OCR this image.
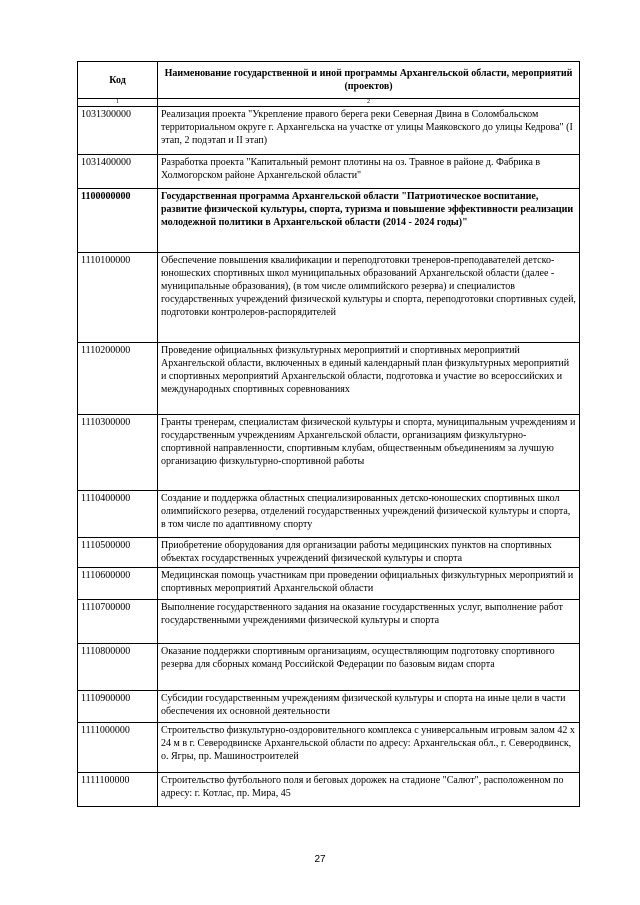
Код	Наименование государственной и иной программы Архангельской области, мероприятий (проектов)
1	2
1031300000	Реализация проекта "Укрепление правого берега реки Северная Двина в Соломбальском территориальном округе г. Архангельска на участке от улицы Маяковского до улицы Кедрова" (I этап, 2 подэтап и II этап)
1031400000	Разработка проекта "Капитальный ремонт плотины на оз. Травное в районе д. Фабрика в Холмогорском районе Архангельской области"
1100000000	Государственная программа Архангельской области "Патриотическое воспитание, развитие физической культуры, спорта, туризма и повышение эффективности реализации молодежной политики в Архангельской области (2014 - 2024 годы)"
1110100000	Обеспечение повышения квалификации и переподготовки тренеров-преподавателей детско-юношеских спортивных школ муниципальных образований Архангельской области (далее - муниципальные образования), (в том числе олимпийского резерва) и специалистов государственных учреждений физической культуры и спорта, переподготовки спортивных судей, подготовки контролеров-распорядителей
1110200000	Проведение официальных физкультурных мероприятий и спортивных мероприятий Архангельской области, включенных в единый календарный план физкультурных мероприятий и спортивных мероприятий Архангельской области, подготовка и участие во всероссийских и международных спортивных соревнованиях
1110300000	Гранты тренерам, специалистам физической культуры и спорта, муниципальным учреждениям и государственным учреждениям Архангельской области, организациям физкультурно-спортивной направленности, спортивным клубам, общественным объединениям за лучшую организацию физкультурно-спортивной работы
1110400000	Создание и поддержка областных специализированных детско-юношеских спортивных школ олимпийского резерва, отделений государственных учреждений физической культуры и спорта, в том числе по адаптивному спорту
1110500000	Приобретение оборудования для организации работы медицинских пунктов на спортивных объектах государственных учреждений физической культуры и спорта
1110600000	Медицинская помощь участникам при проведении официальных физкультурных мероприятий и спортивных мероприятий Архангельской области
1110700000	Выполнение государственного задания на оказание государственных услуг, выполнение работ государственными учреждениями физической культуры и спорта
1110800000	Оказание поддержки спортивным организациям, осуществляющим подготовку спортивного резерва для сборных команд Российской Федерации по базовым видам спорта
1110900000	Субсидии государственным учреждениям физической культуры и спорта на иные цели в части обеспечения их основной деятельности
1111000000	Строительство физкультурно-оздоровительного комплекса с универсальным игровым залом 42 х 24 м в г. Северодвинске Архангельской области по адресу: Архангельская обл., г. Северодвинск, о. Ягры, пр. Машиностроителей
1111100000	Строительство футбольного поля и беговых дорожек на стадионе "Салют", расположенном по адресу: г. Котлас, пр. Мира, 45
27
